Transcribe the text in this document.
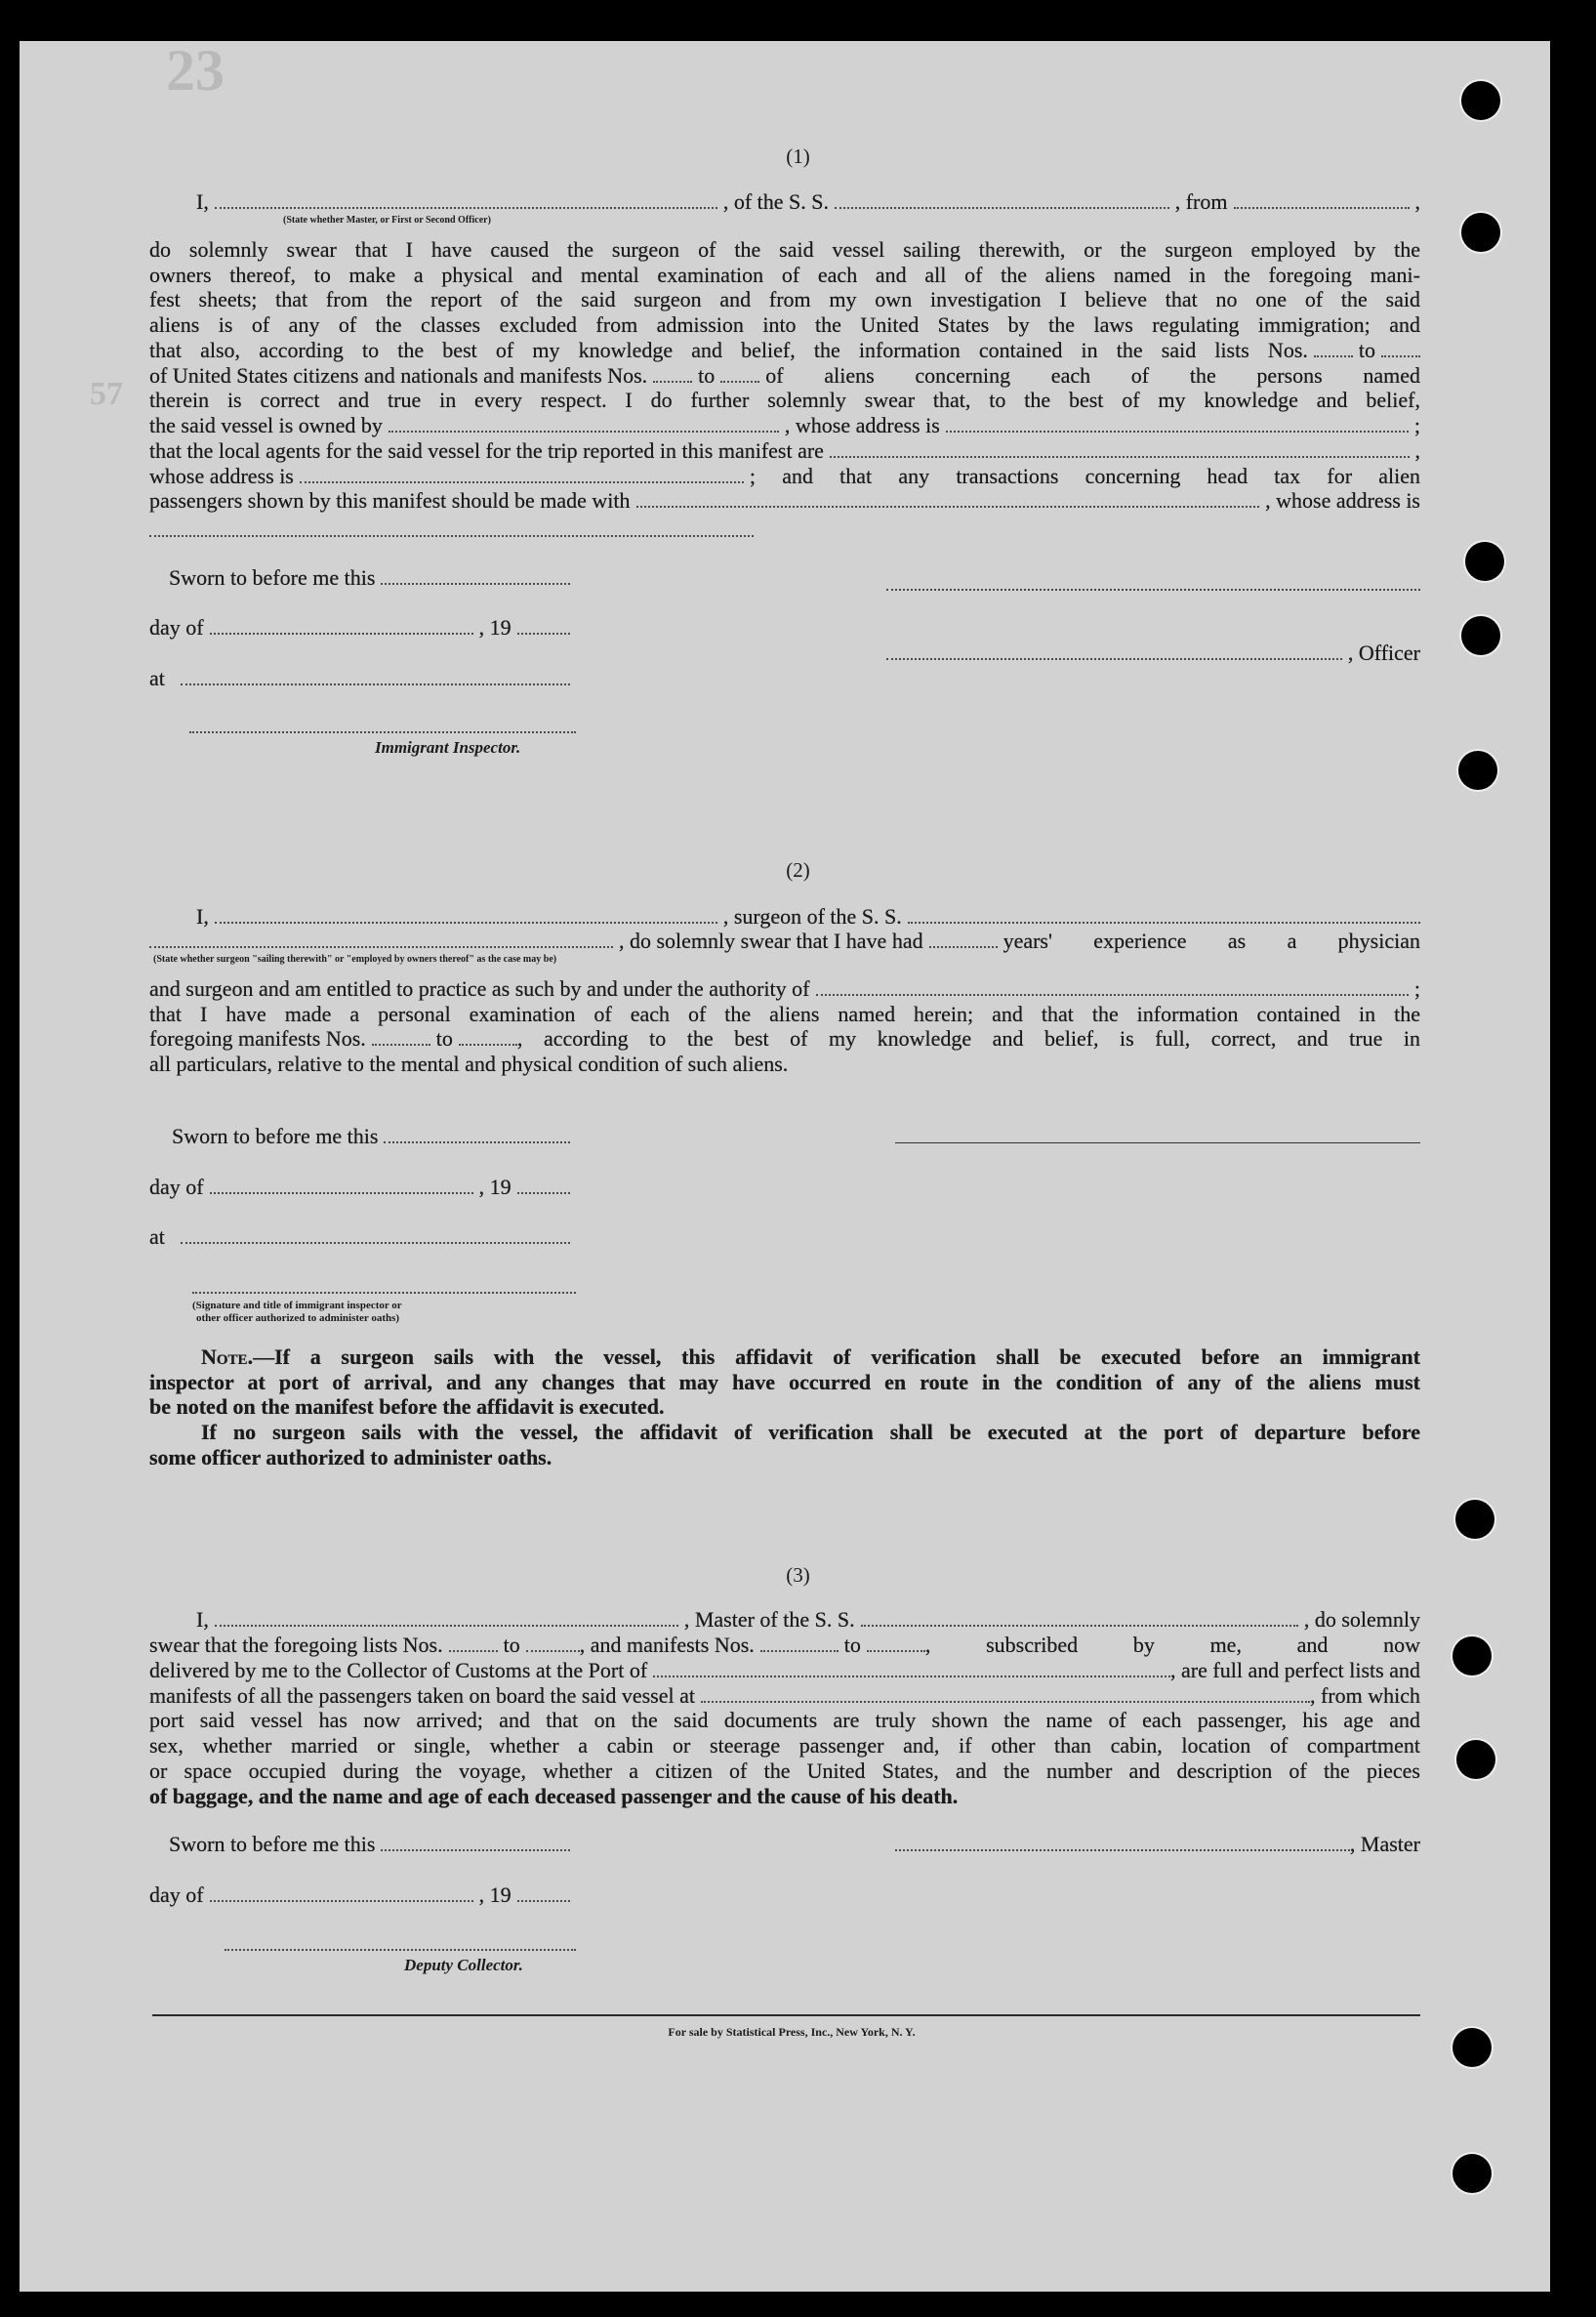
23
57
(1)
I,	, of the S. S.	, from	,
(State whether Master, or First or Second Officer)
do solemnly swear that I have caused the surgeon of the said vessel sailing therewith, or the surgeon employed by the
owners thereof, to make a physical and mental examination of each and all of the aliens named in the foregoing mani-
fest sheets; that from the report of the said surgeon and from my own investigation I believe that no one of the said
aliens is of any of the classes excluded from admission into the United States by the laws regulating immigration; and
that also, according to the best of my knowledge and belief, the information contained in the said lists Nos. to
of United States citizens and nationals and manifests Nos. to of aliens concerning each of the persons named
therein is correct and true in every respect. I do further solemnly swear that, to the best of my knowledge and belief,
the said vessel is owned by	, whose address is	;
that the local agents for the said vessel for the trip reported in this manifest are	,
whose address is	; and that any transactions concerning head tax for alien
passengers shown by this manifest should be made with	, whose address is
Sworn to before me this
day of	, 19
, Officer
at
Immigrant Inspector.
(2)
I,	, surgeon of the S. S.
, do solemnly swear that I have had	years' experience as a physician
(State whether surgeon "sailing therewith" or "employed by owners thereof" as the case may be)
and surgeon and am entitled to practice as such by and under the authority of	;
that I have made a personal examination of each of the aliens named herein; and that the information contained in the
foregoing manifests Nos.	to	, according to the best of my knowledge and belief, is full, correct, and true in
all particulars, relative to the mental and physical condition of such aliens.
Sworn to before me this
day of	, 19
at
(Signature and title of immigrant inspector or
other officer authorized to administer oaths)
Note. —If a surgeon sails with the vessel, this affidavit of verification shall be executed before an immigrant
inspector at port of arrival, and any changes that may have occurred en route in the condition of any of the aliens must
be noted on the manifest before the affidavit is executed.
If no surgeon sails with the vessel, the affidavit of verification shall be executed at the port of departure before
some officer authorized to administer oaths.
(3)
I,	, Master of the S. S.	, do solemnly
swear that the foregoing lists Nos.	to	, and manifests Nos.	to	, subscribed by me, and now
delivered by me to the Collector of Customs at the Port of	, are full and perfect lists and
manifests of all the passengers taken on board the said vessel at	, from which
port said vessel has now arrived; and that on the said documents are truly shown the name of each passenger, his age and
sex, whether married or single, whether a cabin or steerage passenger and, if other than cabin, location of compartment
or space occupied during the voyage, whether a citizen of the United States, and the number and description of the pieces
of baggage, and the name and age of each deceased passenger and the cause of his death.
Sworn to before me this	, Master
day of	, 19
Deputy Collector.
For sale by Statistical Press, Inc., New York, N. Y.
